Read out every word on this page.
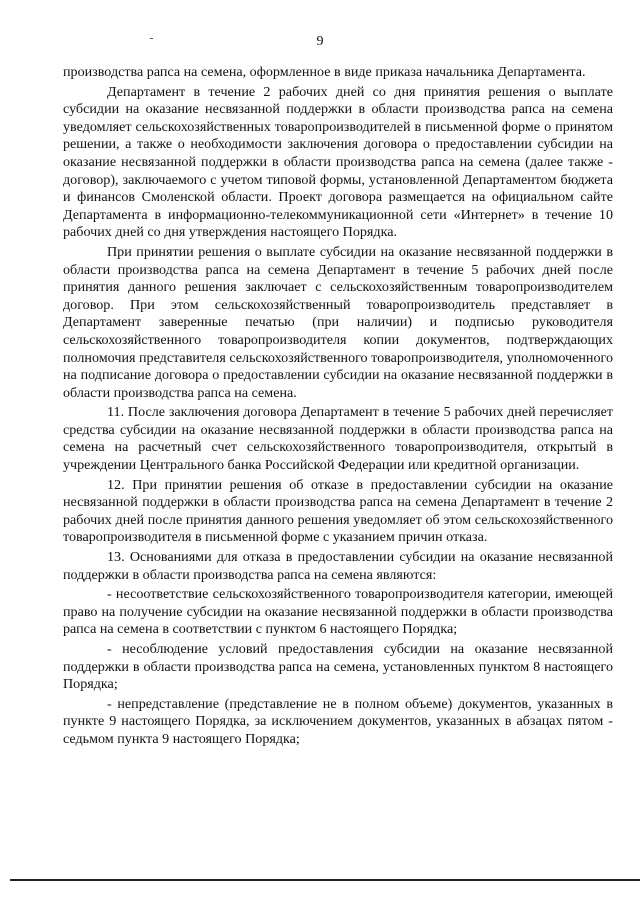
9

производства рапса на семена, оформленное в виде приказа начальника Департамента.

Департамент в течение 2 рабочих дней со дня принятия решения о выплате субсидии на оказание несвязанной поддержки в области производства рапса на семена уведомляет сельскохозяйственных товаропроизводителей в письменной форме о принятом решении, а также о необходимости заключения договора о предоставлении субсидии на оказание несвязанной поддержки в области производства рапса на семена (далее также - договор), заключаемого с учетом типовой формы, установленной Департаментом бюджета и финансов Смоленской области. Проект договора размещается на официальном сайте Департамента в информационно-телекоммуникационной сети «Интернет» в течение 10 рабочих дней со дня утверждения настоящего Порядка.

При принятии решения о выплате субсидии на оказание несвязанной поддержки в области производства рапса на семена Департамент в течение 5 рабочих дней после принятия данного решения заключает с сельскохозяйственным товаропроизводителем договор. При этом сельскохозяйственный товаропроизводитель представляет в Департамент заверенные печатью (при наличии) и подписью руководителя сельскохозяйственного товаропроизводителя копии документов, подтверждающих полномочия представителя сельскохозяйственного товаропроизводителя, уполномоченного на подписание договора о предоставлении субсидии на оказание несвязанной поддержки в области производства рапса на семена.

11. После заключения договора Департамент в течение 5 рабочих дней перечисляет средства субсидии на оказание несвязанной поддержки в области производства рапса на семена на расчетный счет сельскохозяйственного товаропроизводителя, открытый в учреждении Центрального банка Российской Федерации или кредитной организации.

12. При принятии решения об отказе в предоставлении субсидии на оказание несвязанной поддержки в области производства рапса на семена Департамент в течение 2 рабочих дней после принятия данного решения уведомляет об этом сельскохозяйственного товаропроизводителя в письменной форме с указанием причин отказа.

13. Основаниями для отказа в предоставлении субсидии на оказание несвязанной поддержки в области производства рапса на семена являются:

- несоответствие сельскохозяйственного товаропроизводителя категории, имеющей право на получение субсидии на оказание несвязанной поддержки в области производства рапса на семена в соответствии с пунктом 6 настоящего Порядка;

- несоблюдение условий предоставления субсидии на оказание несвязанной поддержки в области производства рапса на семена, установленных пунктом 8 настоящего Порядка;

- непредставление (представление не в полном объеме) документов, указанных в пункте 9 настоящего Порядка, за исключением документов, указанных в абзацах пятом - седьмом пункта 9 настоящего Порядка;
